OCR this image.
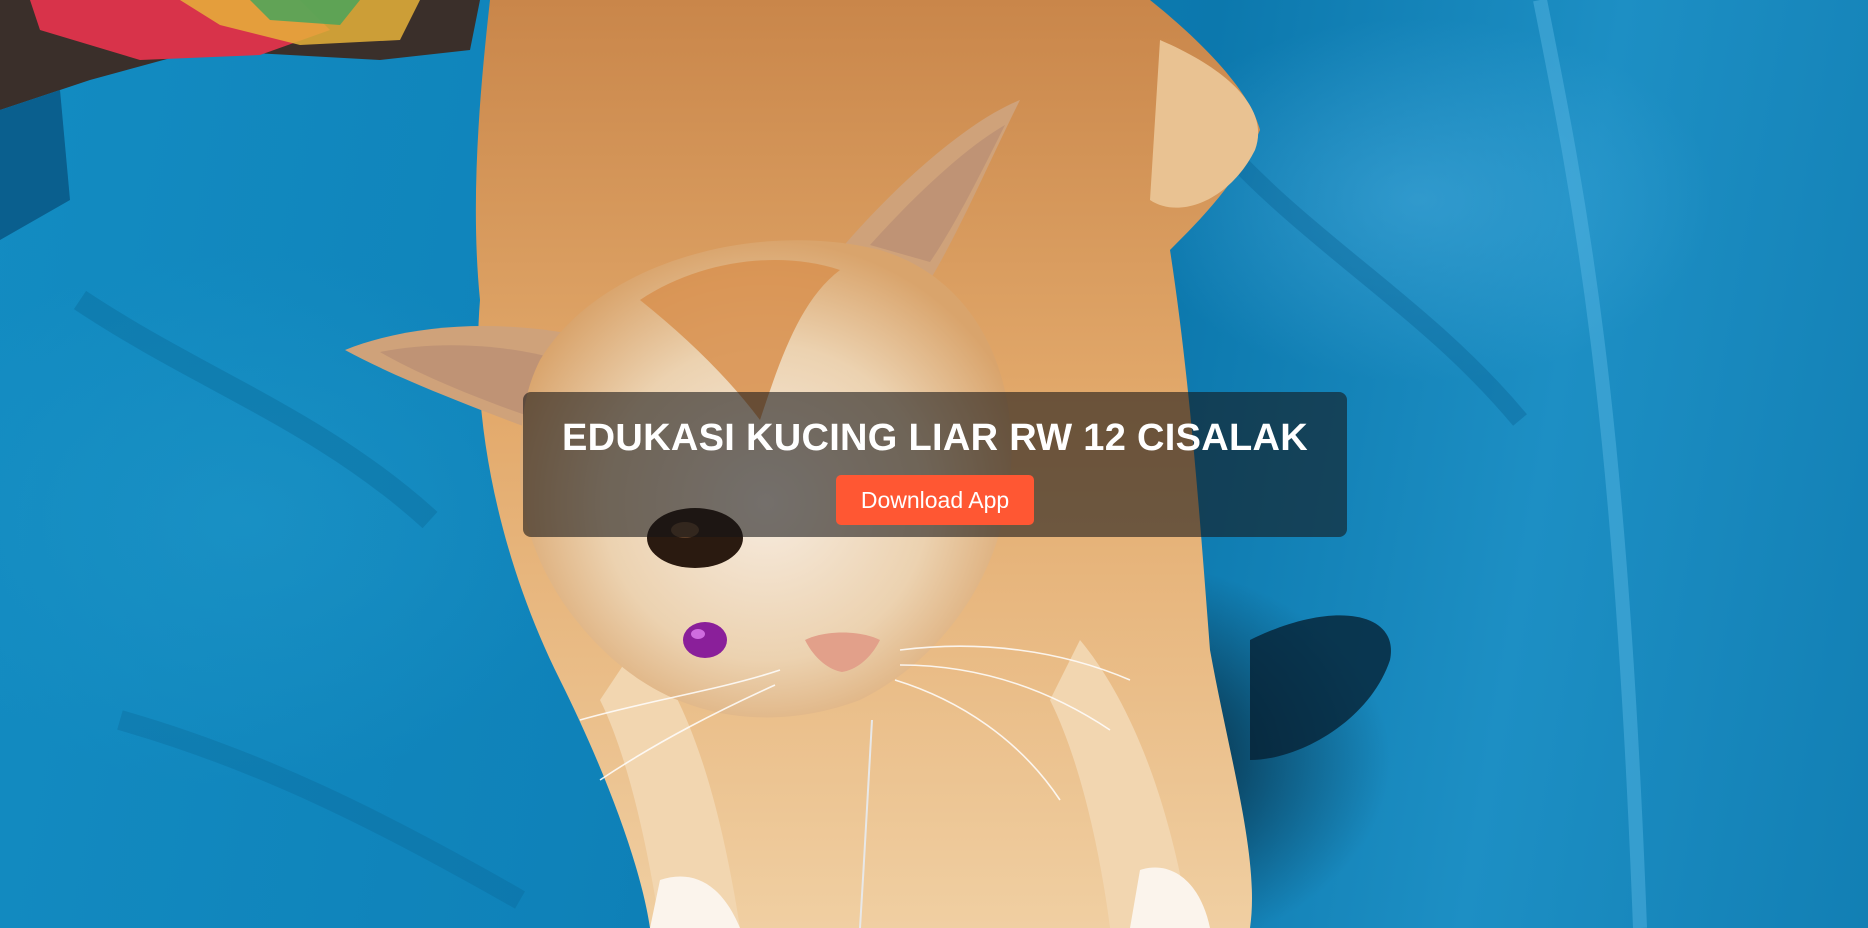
EDUKASI KUCING LIAR RW 12 CISALAK
Download App
